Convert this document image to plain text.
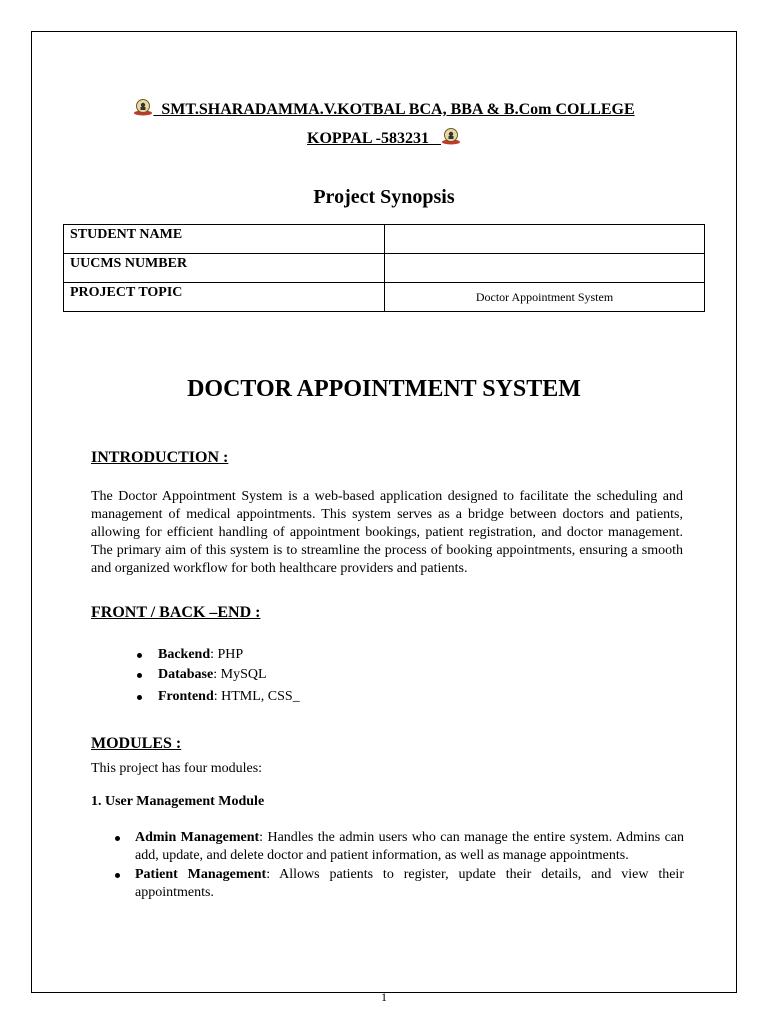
SMT.SHARADAMMA.V.KOTBAL BCA, BBA & B.Com COLLEGE
KOPPAL -583231
Project Synopsis
STUDENT NAME	
UUCMS NUMBER	
PROJECT TOPIC	Doctor Appointment System
DOCTOR APPOINTMENT SYSTEM
INTRODUCTION :
The Doctor Appointment System is a web-based application designed to facilitate the scheduling and management of medical appointments. This system serves as a bridge between doctors and patients, allowing for efficient handling of appointment bookings, patient registration, and doctor management. The primary aim of this system is to streamline the process of booking appointments, ensuring a smooth and organized workflow for both healthcare providers and patients.
FRONT / BACK –END :
Backend: PHP
Database: MySQL
Frontend: HTML, CSS_
MODULES :
This project has four modules:
1. User Management Module
Admin Management: Handles the admin users who can manage the entire system. Admins can add, update, and delete doctor and patient information, as well as manage appointments.
Patient Management: Allows patients to register, update their details, and view their appointments.
1
